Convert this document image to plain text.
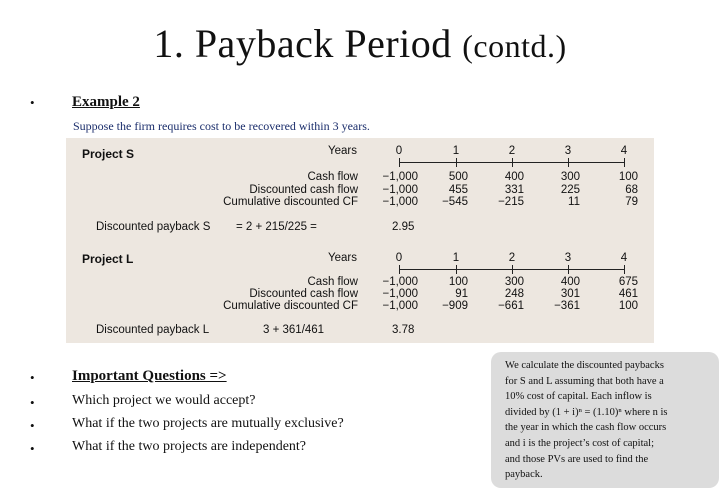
1. Payback Period (contd.)
• Example 2
Suppose the firm requires cost to be recovered within 3 years.
Project S	Years	0	1	2	3	4
Cash flow	−1,000	500	400	300	100
Discounted cash flow	−1,000	455	331	225	68
Cumulative discounted CF	−1,000	−545	−215	11	79
Discounted payback S = 2 + 215/225 =	2.95
Project L	Years	0	1	2	3	4
Cash flow	−1,000	100	300	400	675
Discounted cash flow	−1,000	91	248	301	461
Cumulative discounted CF	−1,000	−909	−661	−361	100
Discounted payback L	3 + 361/461	3.78
• Important Questions =>
•	Which project we would accept?
•	What if the two projects are mutually exclusive?
•	What if the two projects are independent?
We calculate the discounted paybacks
for S and L assuming that both have a
10% cost of capital. Each inflow is
divided by (1 + i)ⁿ = (1.10)ⁿ where n is
the year in which the cash flow occurs
and i is the project’s cost of capital;
and those PVs are used to find the
payback.
